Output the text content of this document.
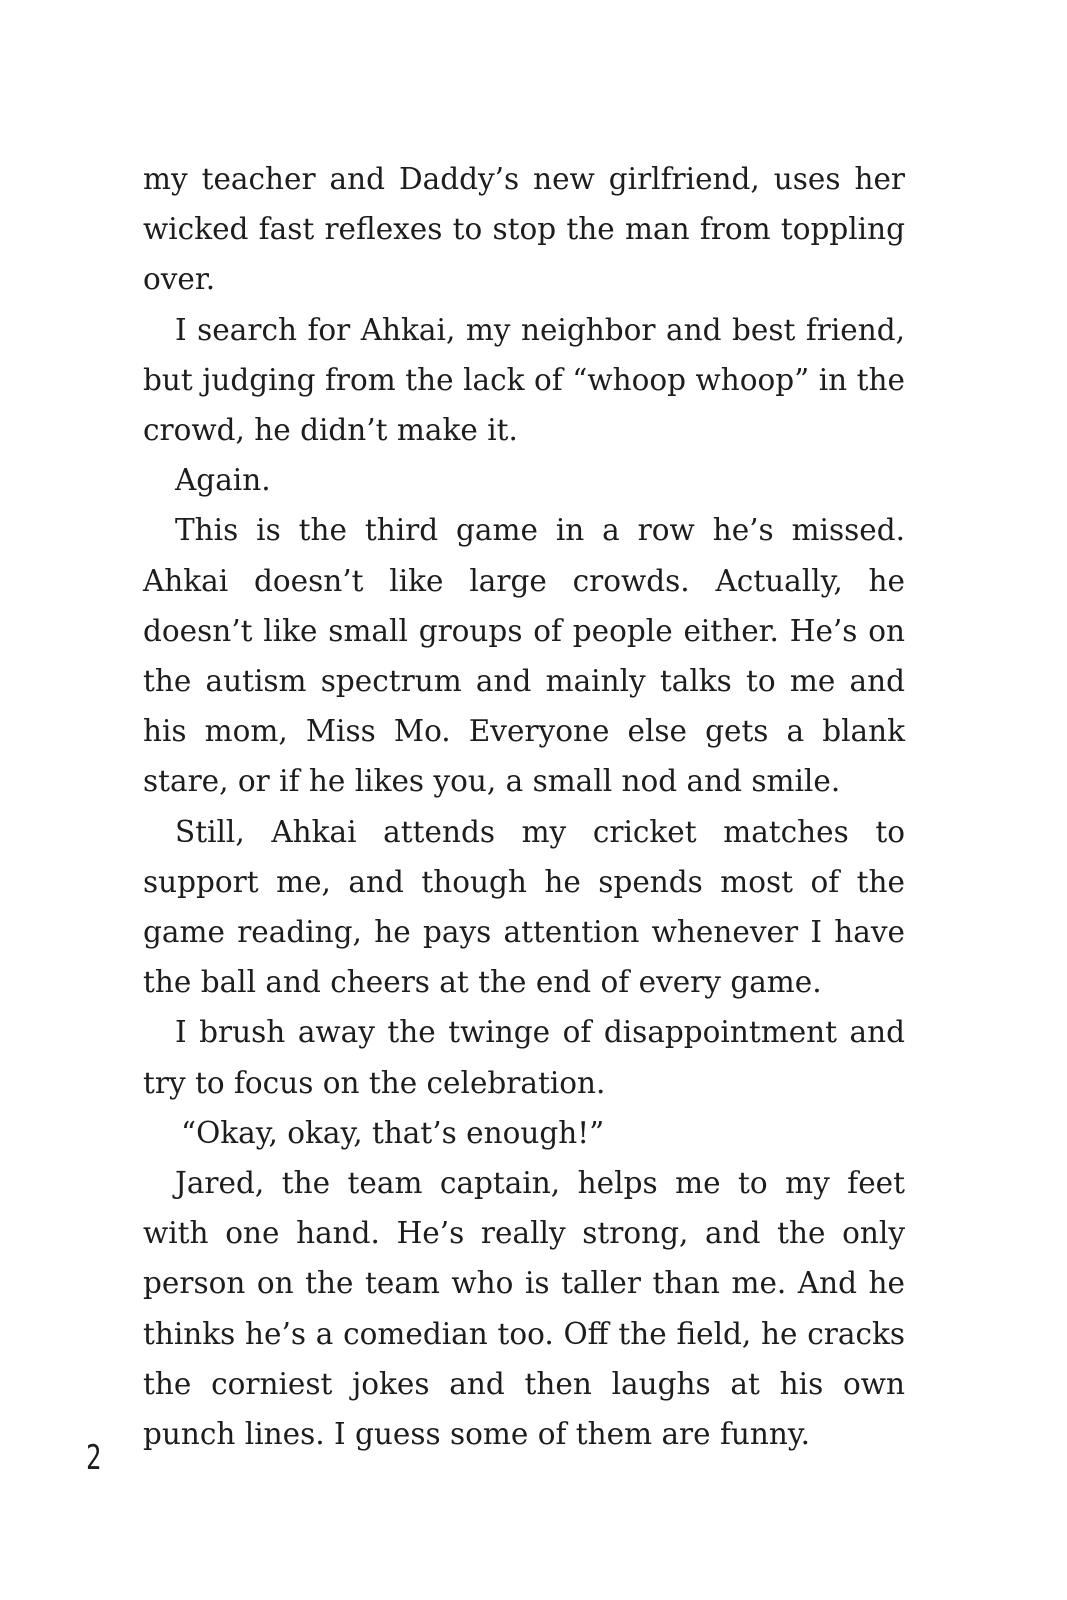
my teacher and Daddy’s new girlfriend, uses her wicked fast reflexes to stop the man from toppling over.

I search for Ahkai, my neighbor and best friend, but judging from the lack of “whoop whoop” in the crowd, he didn’t make it.

Again.

This is the third game in a row he’s missed. Ahkai doesn’t like large crowds. Actually, he doesn’t like small groups of people either. He’s on the autism spectrum and mainly talks to me and his mom, Miss Mo. Everyone else gets a blank stare, or if he likes you, a small nod and smile.

Still, Ahkai attends my cricket matches to support me, and though he spends most of the game reading, he pays attention whenever I have the ball and cheers at the end of every game.

I brush away the twinge of disappointment and try to focus on the celebration.

“Okay, okay, that’s enough!”

Jared, the team captain, helps me to my feet with one hand. He’s really strong, and the only person on the team who is taller than me. And he thinks he’s a comedian too. Off the field, he cracks the corniest jokes and then laughs at his own punch lines. I guess some of them are funny.

2
